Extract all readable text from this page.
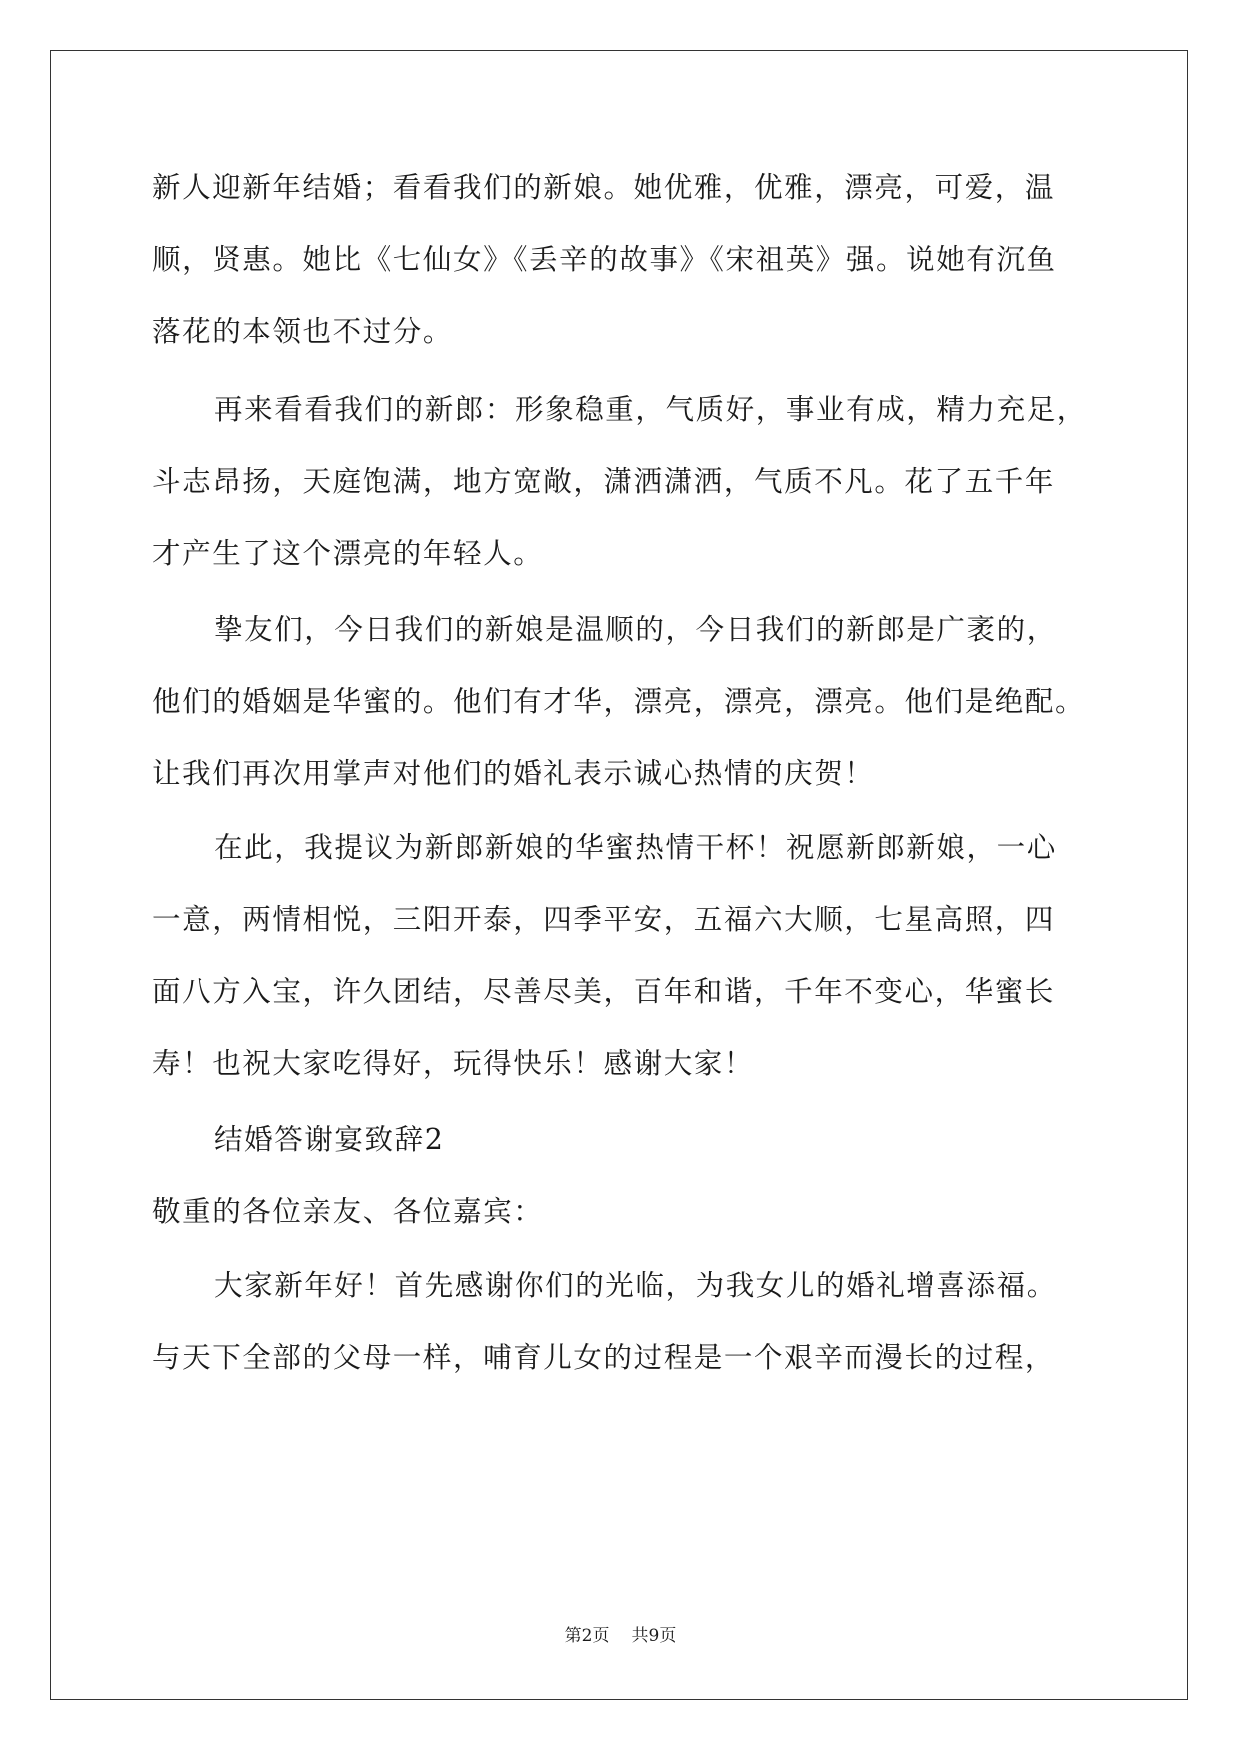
新人迎新年结婚；看看我们的新娘。她优雅，优雅，漂亮，可爱，温
顺，贤惠。她比《七仙女》《丢辛的故事》《宋祖英》强。说她有沉鱼
落花的本领也不过分。
再来看看我们的新郎：形象稳重，气质好，事业有成，精力充足，
斗志昂扬，天庭饱满，地方宽敞，潇洒潇洒，气质不凡。花了五千年
才产生了这个漂亮的年轻人。
挚友们，今日我们的新娘是温顺的，今日我们的新郎是广袤的，
他们的婚姻是华蜜的。他们有才华，漂亮，漂亮，漂亮。他们是绝配。
让我们再次用掌声对他们的婚礼表示诚心热情的庆贺！
在此，我提议为新郎新娘的华蜜热情干杯！祝愿新郎新娘，一心
一意，两情相悦，三阳开泰，四季平安，五福六大顺，七星高照，四
面八方入宝，许久团结，尽善尽美，百年和谐，千年不变心，华蜜长
寿！也祝大家吃得好，玩得快乐！感谢大家！
结婚答谢宴致辞2
敬重的各位亲友、各位嘉宾：
大家新年好！首先感谢你们的光临，为我女儿的婚礼增喜添福。
与天下全部的父母一样，哺育儿女的过程是一个艰辛而漫长的过程，
第2页 共9页
